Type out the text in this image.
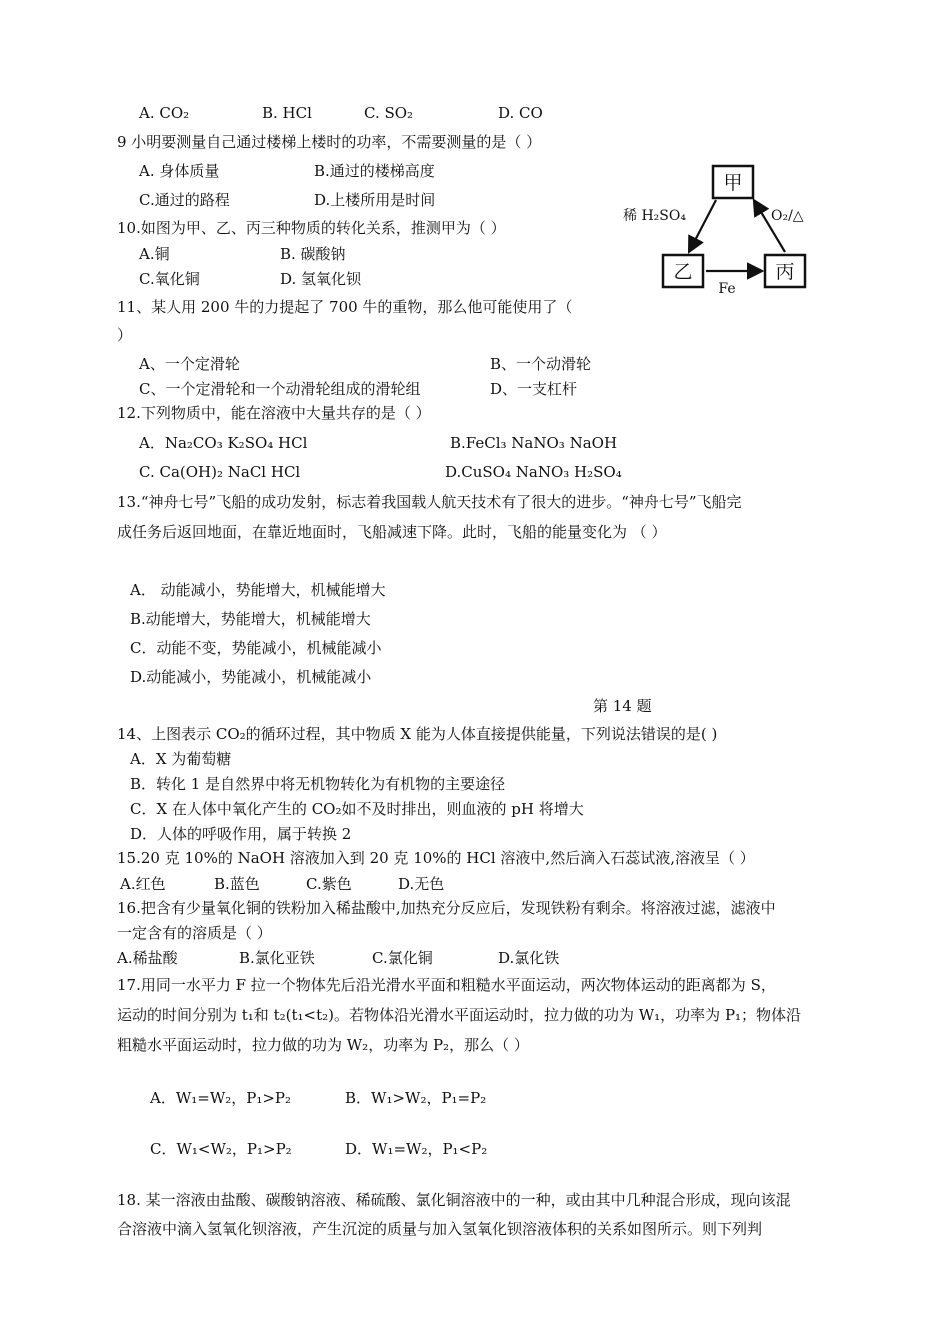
A. CO₂	B. HCl	C. SO₂	D. CO
9 小明要测量自己通过楼梯上楼时的功率，不需要测量的是（ ）
A. 身体质量	B.通过的楼梯高度
C.通过的路程	D.上楼所用是时间
10.如图为甲、乙、丙三种物质的转化关系，推测甲为（ ）
A.铜	B. 碳酸钠
C.氧化铜	D. 氢氧化钡
甲
乙	丙
稀 H₂SO₄	O₂/△
Fe
11、某人用 200 牛的力提起了 700 牛的重物，那么他可能使用了（
）
A、一个定滑轮	B、一个动滑轮
C、一个定滑轮和一个动滑轮组成的滑轮组	D、一支杠杆
12.下列物质中，能在溶液中大量共存的是（ ）
A．Na₂CO₃ K₂SO₄ HCl	B.FeCl₃ NaNO₃ NaOH
C. Ca(OH)₂ NaCl HCl	D.CuSO₄ NaNO₃ H₂SO₄
13.“神舟七号”飞船的成功发射，标志着我国载人航天技术有了很大的进步。“神舟七号”飞船完
成任务后返回地面，在靠近地面时，飞船减速下降。此时，飞船的能量变化为 （ ）
A． 动能减小，势能增大，机械能增大
B.动能增大，势能增大，机械能增大
C．动能不变，势能减小，机械能减小
D.动能减小，势能减小，机械能减小
第 14 题
14、上图表示 CO₂的循环过程，其中物质 X 能为人体直接提供能量，下列说法错误的是( )
A．X 为葡萄糖
B．转化 1 是自然界中将无机物转化为有机物的主要途径
C．X 在人体中氧化产生的 CO₂如不及时排出，则血液的 pH 将增大
D．人体的呼吸作用，属于转换 2
15.20 克 10%的 NaOH 溶液加入到 20 克 10%的 HCl 溶液中,然后滴入石蕊试液,溶液呈（ ）
A.红色	B.蓝色	C.紫色	D.无色
16.把含有少量氧化铜的铁粉加入稀盐酸中,加热充分反应后，发现铁粉有剩余。将溶液过滤，滤液中
一定含有的溶质是（ ）
A.稀盐酸	B.氯化亚铁	C.氯化铜	D.氯化铁
17.用同一水平力 F 拉一个物体先后沿光滑水平面和粗糙水平面运动，两次物体运动的距离都为 S，
运动的时间分别为 t₁和 t₂(t₁<t₂)。若物体沿光滑水平面运动时，拉力做的功为 W₁，功率为 P₁；物体沿
粗糙水平面运动时，拉力做的功为 W₂，功率为 P₂，那么（ ）
A．W₁=W₂，P₁>P₂	B．W₁>W₂，P₁=P₂
C．W₁<W₂，P₁>P₂	D．W₁=W₂，P₁<P₂
18. 某一溶液由盐酸、碳酸钠溶液、稀硫酸、氯化铜溶液中的一种，或由其中几种混合形成，现向该混
合溶液中滴入氢氧化钡溶液，产生沉淀的质量与加入氢氧化钡溶液体积的关系如图所示。则下列判
